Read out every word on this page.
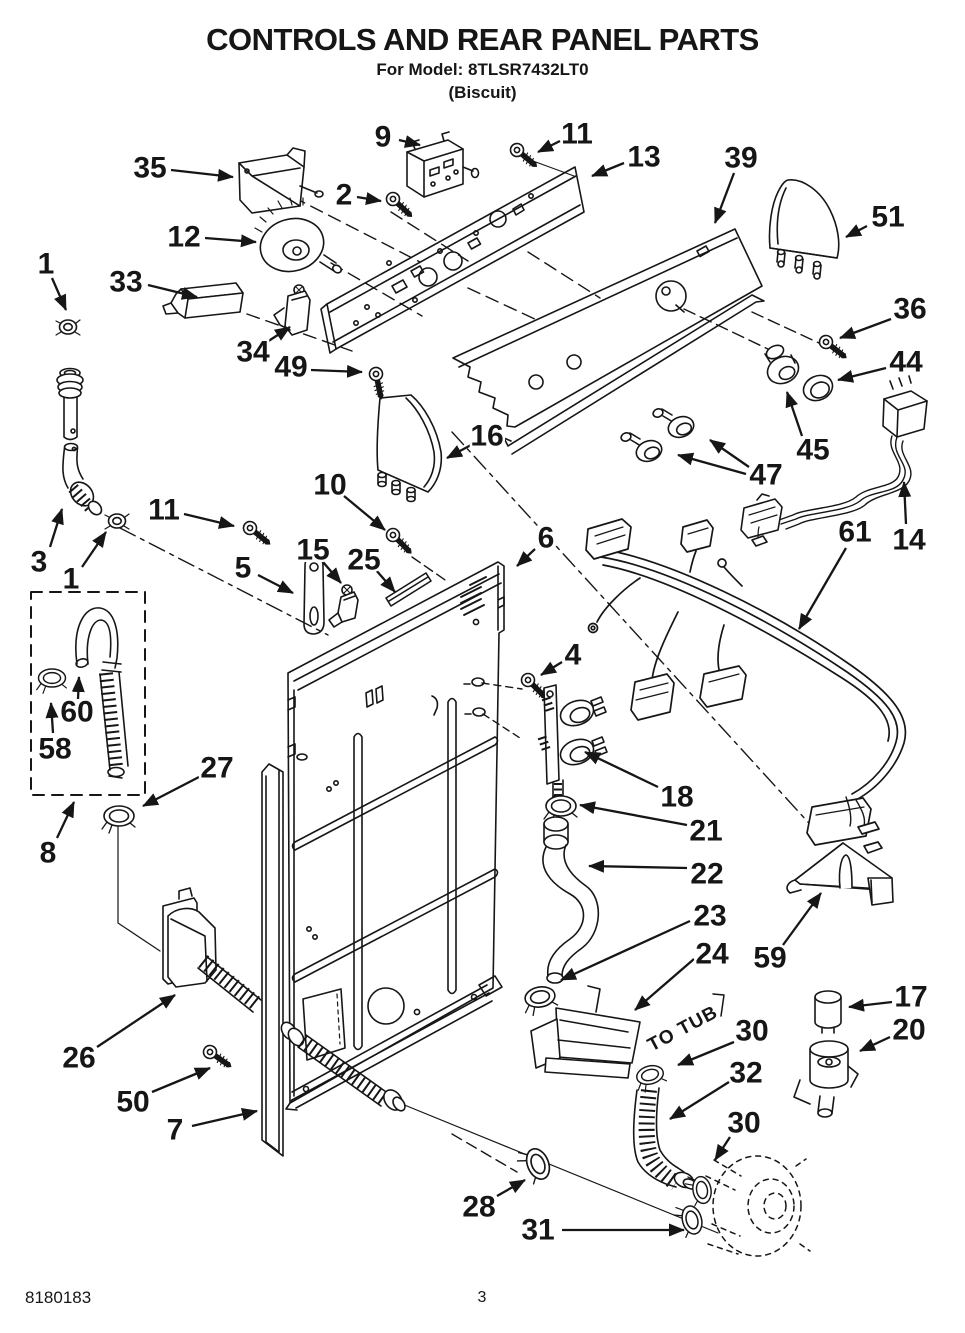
CONTROLS AND REAR PANEL PARTS
For Model: 8TLSR7432LT0
(Biscuit)
9	11
35	13
2
39
51
12
1
33
36
34	44
49
45
16
47
10
11
61 14
15 25
3	5
1
6
4
60
58
27
18
8
21
22
23
24 59
30
17
20
32
26
50
7	30
28
31
TO TUB
8180183	3
